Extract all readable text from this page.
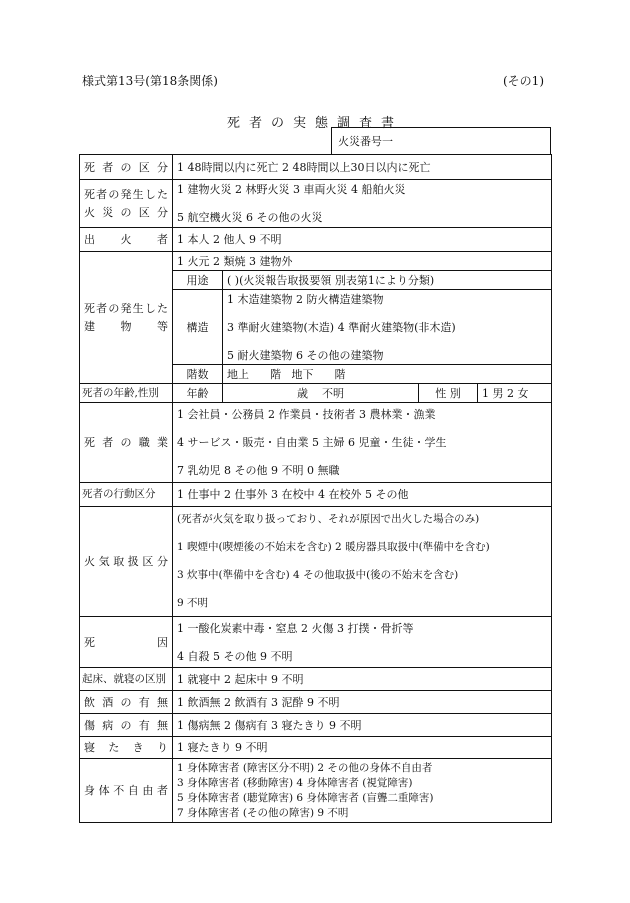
様式第13号(第18条関係)	(その1)
死者の実態調査書
火災番号一
死者の区分	1 48時間以内に死亡 2 48時間以上30日以内に死亡			
死者の発生した火災の区分	1 建物火災 2 林野火災 3 車両火災 4 船舶火災
5 航空機火災 6 その他の火災			

出火者	1 本人 2 他人 9 不明			
死者の発生した建物等	1 火元 2 類焼 3 建物外			
	用途	( )(火災報告取扱要領 別表第1により分類)		
	構造	1 木造建築物 2 防火構造建築物
3 準耐火建築物(木造) 4 準耐火建築物(非木造)
5 耐火建築物 6 その他の建築物		

	階数	地上      階   地下      階		
死者の年齢,性別	年齢	歳    不明	性 別	1 男 2 女
死者の職業	1 会社員・公務員 2 作業員・技術者 3 農林業・漁業
4 サービス・販売・自由業 5 主婦 6 児童・生徒・学生
7 乳幼児 8 その他 9 不明 0 無職			

死者の行動区分	1 仕事中 2 仕事外 3 在校中 4 在校外 5 その他			
火気取扱区分	(死者が火気を取り扱っており、それが原因で出火した場合のみ)
1 喫煙中(喫煙後の不始末を含む) 2 暖房器具取扱中(準備中を含む)
3 炊事中(準備中を含む) 4 その他取扱中(後の不始末を含む)
9 不明			

死因	1 一酸化炭素中毒・窒息 2 火傷 3 打撲・骨折等
4 自殺 5 その他 9 不明			

起床、就寝の区別	1 就寝中 2 起床中 9 不明			
飲酒の有無	1 飲酒無 2 飲酒有 3 泥酔 9 不明			
傷病の有無	1 傷病無 2 傷病有 3 寝たきり 9 不明			
寝たきり	1 寝たきり 9 不明			
身体不自由者	1 身体障害者 (障害区分不明) 2 その他の身体不自由者
3 身体障害者 (移動障害) 4 身体障害者 (視覚障害)
5 身体障害者 (聴覚障害) 6 身体障害者 (盲聾二重障害)
7 身体障害者 (その他の障害) 9 不明			
